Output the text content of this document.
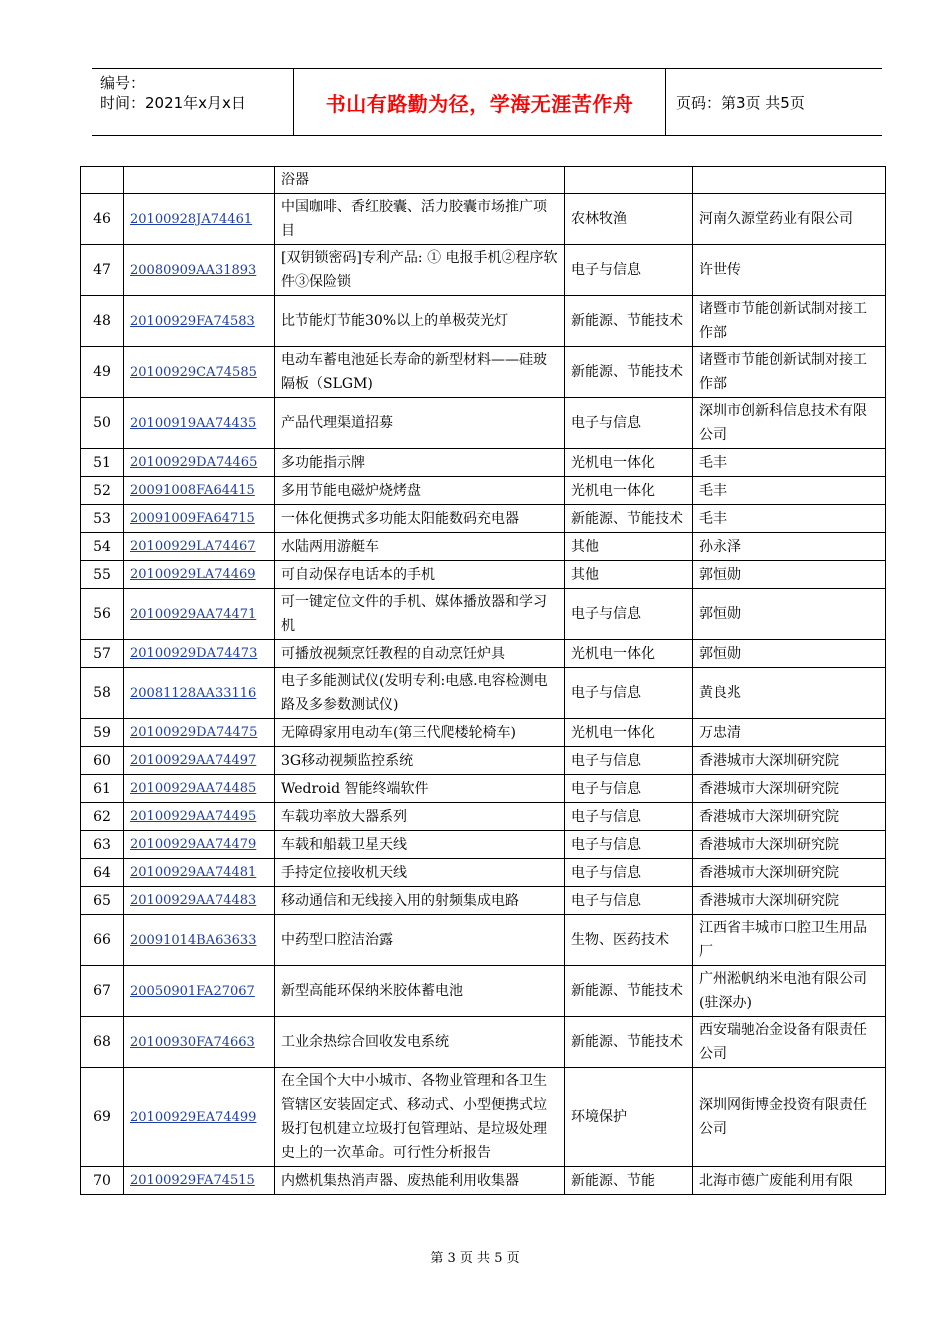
编号：
时间：2021年x月x日	书山有路勤为径，学海无涯苦作舟	页码：第3页 共5页
		浴器		
46	20100928JA74461	中国咖啡、香红胶囊、活力胶囊市场推广项目	农林牧渔	河南久源堂药业有限公司
47	20080909AA31893	[双钥锁密码]专利产品: ① 电报手机②程序软件③保险锁	电子与信息	许世传
48	20100929FA74583	比节能灯节能30%以上的单极荧光灯	新能源、节能技术	诸暨市节能创新试制对接工作部
49	20100929CA74585	电动车蓄电池延长寿命的新型材料——硅玻隔板（SLGM)	新能源、节能技术	诸暨市节能创新试制对接工作部
50	20100919AA74435	产品代理渠道招募	电子与信息	深圳市创新科信息技术有限公司
51	20100929DA74465	多功能指示牌	光机电一体化	毛丰
52	20091008FA64415	多用节能电磁炉烧烤盘	光机电一体化	毛丰
53	20091009FA64715	一体化便携式多功能太阳能数码充电器	新能源、节能技术	毛丰
54	20100929LA74467	水陆两用游艇车	其他	孙永泽
55	20100929LA74469	可自动保存电话本的手机	其他	郭恒勋
56	20100929AA74471	可一键定位文件的手机、媒体播放器和学习机	电子与信息	郭恒勋
57	20100929DA74473	可播放视频烹饪教程的自动烹饪炉具	光机电一体化	郭恒勋
58	20081128AA33116	电子多能测试仪(发明专利:电感.电容检测电路及多参数测试仪)	电子与信息	黄良兆
59	20100929DA74475	无障碍家用电动车(第三代爬楼轮椅车)	光机电一体化	万忠清
60	20100929AA74497	3G移动视频监控系统	电子与信息	香港城市大深圳研究院
61	20100929AA74485	Wedroid 智能终端软件	电子与信息	香港城市大深圳研究院
62	20100929AA74495	车载功率放大器系列	电子与信息	香港城市大深圳研究院
63	20100929AA74479	车载和船载卫星天线	电子与信息	香港城市大深圳研究院
64	20100929AA74481	手持定位接收机天线	电子与信息	香港城市大深圳研究院
65	20100929AA74483	移动通信和无线接入用的射频集成电路	电子与信息	香港城市大深圳研究院
66	20091014BA63633	中药型口腔洁治露	生物、医药技术	江西省丰城市口腔卫生用品厂
67	20050901FA27067	新型高能环保纳米胶体蓄电池	新能源、节能技术	广州淞帆纳米电池有限公司(驻深办)
68	20100930FA74663	工业余热综合回收发电系统	新能源、节能技术	西安瑞驰冶金设备有限责任公司
69	20100929EA74499	在全国个大中小城市、各物业管理和各卫生管辖区安装固定式、移动式、小型便携式垃圾打包机建立垃圾打包管理站、是垃圾处理史上的一次革命。可行性分析报告	环境保护	深圳网街博金投资有限责任公司
70	20100929FA74515	内燃机集热消声器、废热能利用收集器	新能源、节能	北海市德广废能利用有限
第 3 页 共 5 页
